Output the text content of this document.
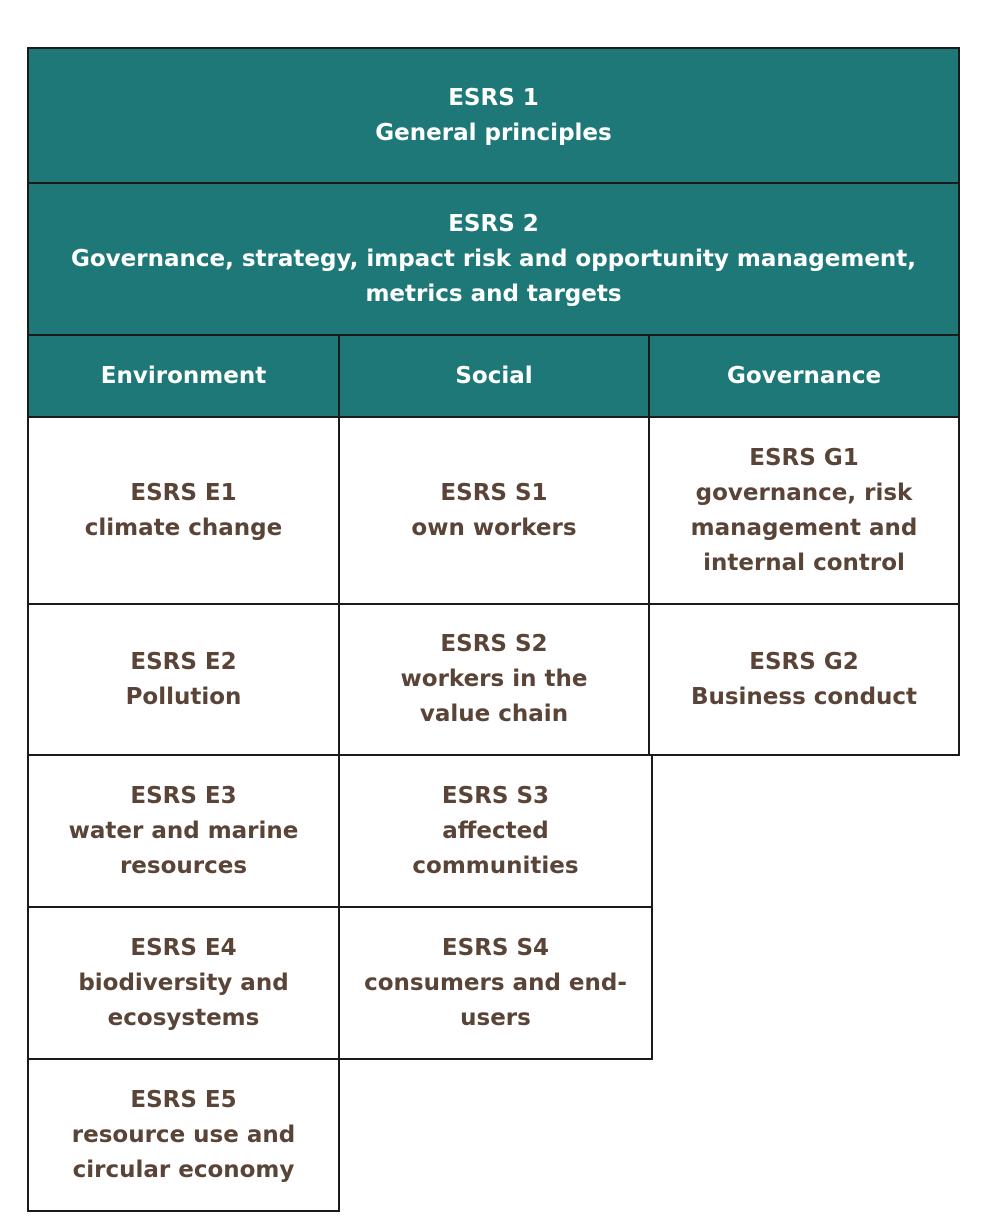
ESRS 1
General principles
ESRS 2
Governance, strategy, impact risk and opportunity management,
metrics and targets
Environment	Social	Governance
ESRS E1
climate change
ESRS E2
Pollution
ESRS E3
water and marine
resources
ESRS E4
biodiversity and
ecosystems
ESRS E5
resource use and
circular economy
ESRS S1
own workers
ESRS S2
workers in the
value chain
ESRS S3
affected
communities
ESRS S4
consumers and end-
users
ESRS G1
governance, risk
management and
internal control
ESRS G2
Business conduct
